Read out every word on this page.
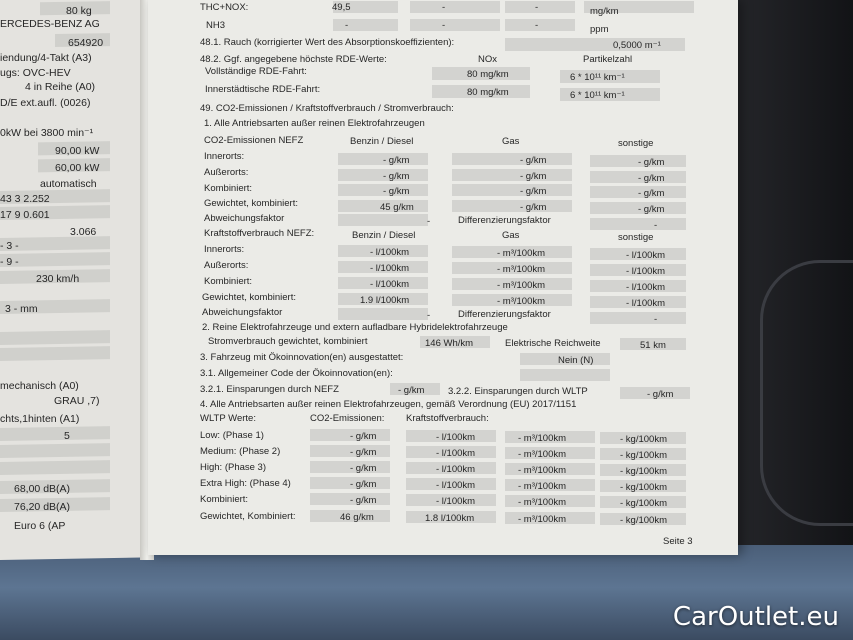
80 kg
ERCEDES-BENZ AG
654920
iendung/4-Takt (A3)
ugs: OVC-HEV
4 in Reihe (A0)
D/E ext.aufl. (0026)
0kW bei 3800 min⁻¹
90,00 kW
60,00 kW
automatisch
43 3 2.252
17 9 0.601
3.066
- 3 -
- 9 -
230 km/h
3 - mm
mechanisch (A0)
GRAU ,7)
chts,1hinten (A1)
5
68,00 dB(A)
76,20 dB(A)
Euro 6 (AP
THC+NOX:	49,5	-	-	mg/km
NH3	-	-	-	ppm
48.1. Rauch (korrigierter Wert des Absorptionskoeffizienten):	0,5000 m⁻¹
48.2. Ggf. angegebene höchste RDE-Werte:	NOx	Partikelzahl
Vollständige RDE-Fahrt:	80 mg/km	6 * 10¹¹ km⁻¹
Innerstädtische RDE-Fahrt:	80 mg/km	6 * 10¹¹ km⁻¹
49. CO2-Emissionen / Kraftstoffverbrauch / Stromverbrauch:
1. Alle Antriebsarten außer reinen Elektrofahrzeugen
CO2-Emissionen NEFZ	Benzin / Diesel	Gas	sonstige
Innerorts:	- g/km	- g/km	- g/km
Außerorts:	- g/km	- g/km	- g/km
Kombiniert:	- g/km	- g/km	- g/km
Gewichtet, kombiniert:	45 g/km	- g/km	- g/km
Abweichungsfaktor	-	Differenzierungsfaktor	-
Kraftstoffverbrauch NEFZ:	Benzin / Diesel	Gas	sonstige
Innerorts:	- l/100km	- m³/100km	- l/100km
Außerorts:	- l/100km	- m³/100km	- l/100km
Kombiniert:	- l/100km	- m³/100km	- l/100km
Gewichtet, kombiniert:	1.9 l/100km	- m³/100km	- l/100km
Abweichungsfaktor	-	Differenzierungsfaktor	-
2. Reine Elektrofahrzeuge und extern aufladbare Hybridelektrofahrzeuge
Stromverbrauch gewichtet, kombiniert	146 Wh/km	Elektrische Reichweite	51 km
3. Fahrzeug mit Ökoinnovation(en) ausgestattet:	Nein (N)
3.1. Allgemeiner Code der Ökoinnovation(en):
3.2.1. Einsparungen durch NEFZ	- g/km 3.2.2. Einsparungen durch WLTP	- g/km
4. Alle Antriebsarten außer reinen Elektrofahrzeugen, gemäß Verordnung (EU) 2017/1151
WLTP Werte:	CO2-Emissionen: Kraftstoffverbrauch:
Low: (Phase 1)	- g/km	- l/100km	- m³/100km	- kg/100km
Medium: (Phase 2)	- g/km	- l/100km	- m³/100km	- kg/100km
High: (Phase 3)	- g/km	- l/100km	- m³/100km	- kg/100km
Extra High: (Phase 4)	- g/km	- l/100km	- m³/100km	- kg/100km
Kombiniert:	- g/km	- l/100km	- m³/100km	- kg/100km
Gewichtet, Kombiniert:	46 g/km	1.8 l/100km	- m³/100km	- kg/100km
Seite 3
CarOutlet.eu
